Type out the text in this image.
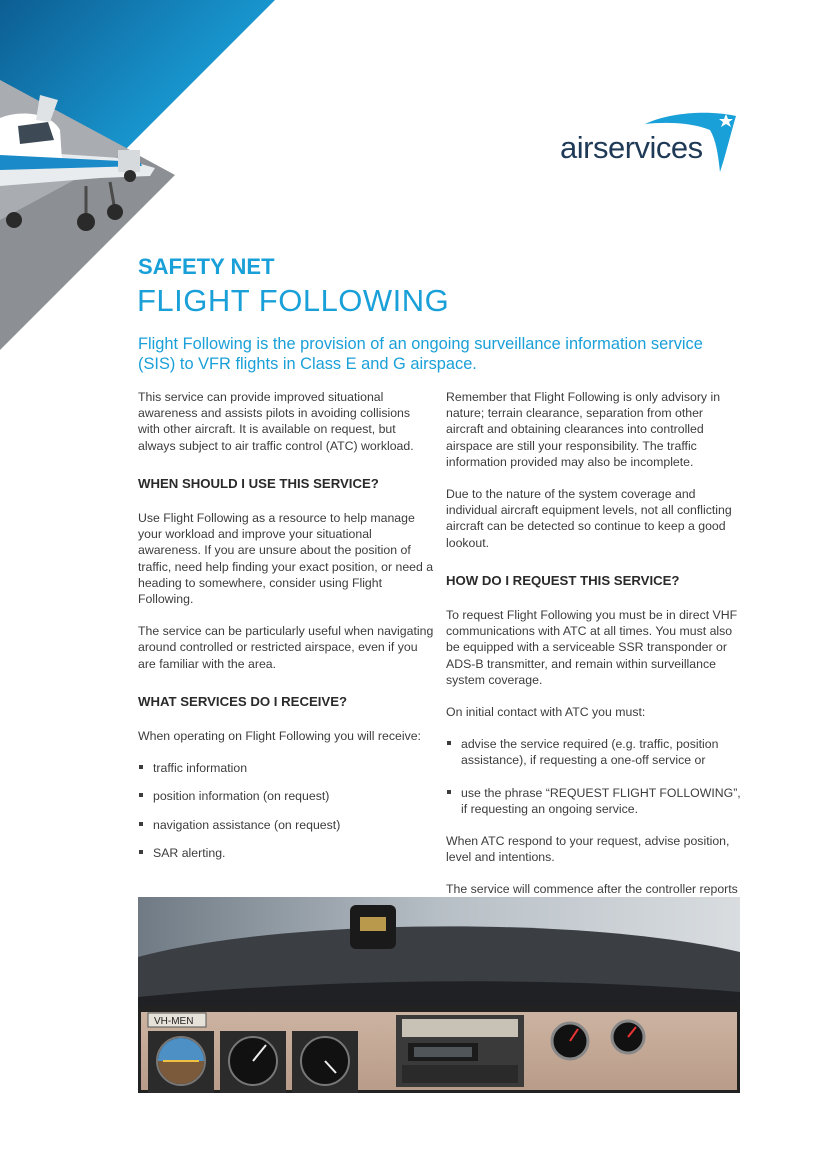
airservices
SAFETY NET
FLIGHT FOLLOWING
Flight Following is the provision of an ongoing surveillance information service (SIS) to VFR flights in Class E and G airspace.

This service can provide improved situational awareness and assists pilots in avoiding collisions with other aircraft. It is available on request, but always subject to air traffic control (ATC) workload.

WHEN SHOULD I USE THIS SERVICE?

Use Flight Following as a resource to help manage your workload and improve your situational awareness. If you are unsure about the position of traffic, need help finding your exact position, or need a heading to somewhere, consider using Flight Following.

The service can be particularly useful when navigating around controlled or restricted airspace, even if you are familiar with the area.

WHAT SERVICES DO I RECEIVE?

When operating on Flight Following you will receive:

traffic information
position information (on request)
navigation assistance (on request)
SAR alerting.

Remember that Flight Following is only advisory in nature; terrain clearance, separation from other aircraft and obtaining clearances into controlled airspace are still your responsibility. The traffic information provided may also be incomplete.

Due to the nature of the system coverage and individual aircraft equipment levels, not all conflicting aircraft can be detected so continue to keep a good lookout.

HOW DO I REQUEST THIS SERVICE?

To request Flight Following you must be in direct VHF communications with ATC at all times. You must also be equipped with a serviceable SSR transponder or ADS-B transmitter, and remain within surveillance system coverage.

On initial contact with ATC you must:

advise the service required (e.g. traffic, position assistance), if requesting a one-off service or
use the phrase “REQUEST FLIGHT FOLLOWING”, if requesting an ongoing service.

When ATC respond to your request, advise position, level and intentions.

The service will commence after the controller reports

VH-MEN
